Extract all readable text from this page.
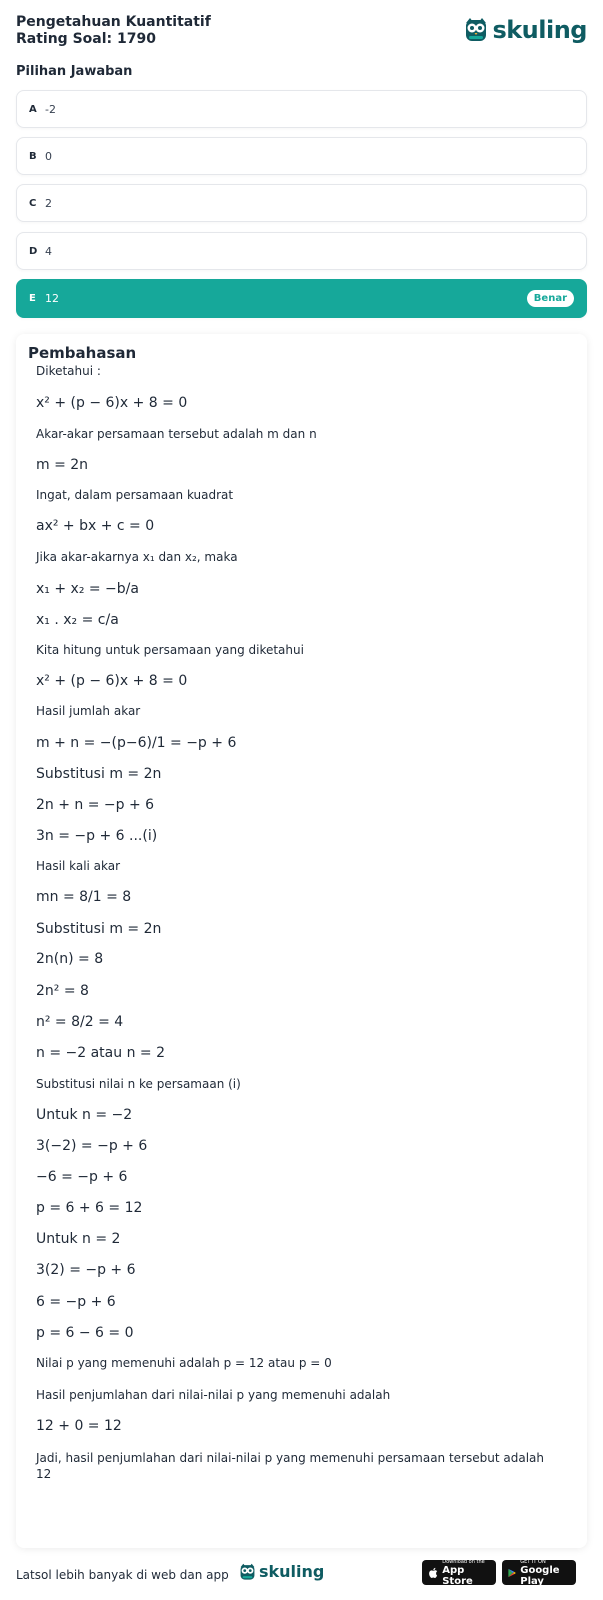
Pengetahuan Kuantitatif
Rating Soal: 1790	skuling
Pilihan Jawaban
A -2
B 0
C 2
D 4
E 12	Benar
Pembahasan
Diketahui :
x² + (p − 6)x + 8 = 0
Akar-akar persamaan tersebut adalah m dan n
m = 2n
Ingat, dalam persamaan kuadrat
ax² + bx + c = 0
Jika akar-akarnya x₁ dan x₂, maka
x₁ + x₂ = −b/a
x₁ . x₂ = c/a
Kita hitung untuk persamaan yang diketahui
x² + (p − 6)x + 8 = 0
Hasil jumlah akar
m + n = −(p−6)/1 = −p + 6
Substitusi m = 2n
2n + n = −p + 6
3n = −p + 6 ...(i)
Hasil kali akar
mn = 8/1 = 8
Substitusi m = 2n
2n(n) = 8
2n² = 8
n² = 8/2 = 4
n = −2 atau n = 2
Substitusi nilai n ke persamaan (i)
Untuk n = −2
3(−2) = −p + 6
−6 = −p + 6
p = 6 + 6 = 12
Untuk n = 2
3(2) = −p + 6
6 = −p + 6
p = 6 − 6 = 0
Nilai p yang memenuhi adalah p = 12 atau p = 0
Hasil penjumlahan dari nilai-nilai p yang memenuhi adalah
12 + 0 = 12
Jadi, hasil penjumlahan dari nilai-nilai p yang memenuhi persamaan tersebut adalah 12
Latsol lebih banyak di web dan app skuling
Download on the
App Store
GET IT ON
Google Play
